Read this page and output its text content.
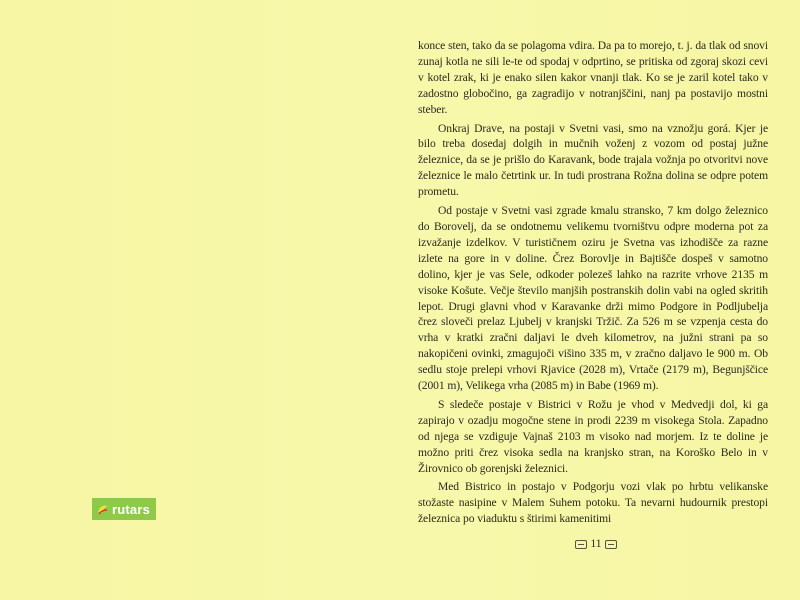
konce sten, tako da se polagoma vdira. Da pa to morejo, t. j. da tlak od snovi zunaj kotla ne sili le-te od spodaj v odprtino, se pritiska od zgoraj skozi cevi v kotel zrak, ki je enako silen kakor vnanji tlak. Ko se je zaril kotel tako v zadostno globočino, ga zagradijo v notranjščini, nanj pa postavijo mostni steber.

Onkraj Drave, na postaji v Svetni vasi, smo na vznožju gorá. Kjer je bilo treba dosedaj dolgih in mučnih voženj z vozom od postaj južne železnice, da se je prišlo do Karavank, bode trajala vožnja po otvoritvi nove železnice le malo četrtink ur. In tudi prostrana Rožna dolina se odpre potem prometu.

Od postaje v Svetni vasi zgrade kmalu stransko, 7 km dolgo železnico do Borovelj, da se ondotnemu velikemu tvorništvu odpre moderna pot za izvažanje izdelkov. V turističnem oziru je Svetna vas izhodišče za razne izlete na gore in v doline. Črez Borovlje in Bajtišče dospeš v samotno dolino, kjer je vas Sele, odkoder polezeš lahko na razrite vrhove 2135 m visoke Košute. Večje število manjših postranskih dolin vabi na ogled skritih lepot. Drugi glavni vhod v Karavanke drži mimo Podgore in Podljubelja črez sloveči prelaz Ljubelj v kranjski Tržič. Za 526 m se vzpenja cesta do vrha v kratki zračni daljavi le dveh kilometrov, na južni strani pa so nakopičeni ovinki, zmagujoči višino 335 m, v zračno daljavo le 900 m. Ob sedlu stoje prelepi vrhovi Rjavice (2028 m), Vrtače (2179 m), Begunjščice (2001 m), Velikega vrha (2085 m) in Babe (1969 m).

S sledeče postaje v Bistrici v Rožu je vhod v Medvedji dol, ki ga zapirajo v ozadju mogočne stene in prodi 2239 m visokega Stola. Zapadno od njega se vzdiguje Vajnaš 2103 m visoko nad morjem. Iz te doline je možno priti črez visoka sedla na kranjsko stran, na Koroško Belo in v Žirovnico ob gorenjski železnici.

Med Bistrico in postajo v Podgorju vozi vlak po hrbtu velikanske stožaste nasipine v Malem Suhem potoku. Ta nevarni hudournik prestopi železnica po viaduktu s štirimi kamenitimi

11
rutars
